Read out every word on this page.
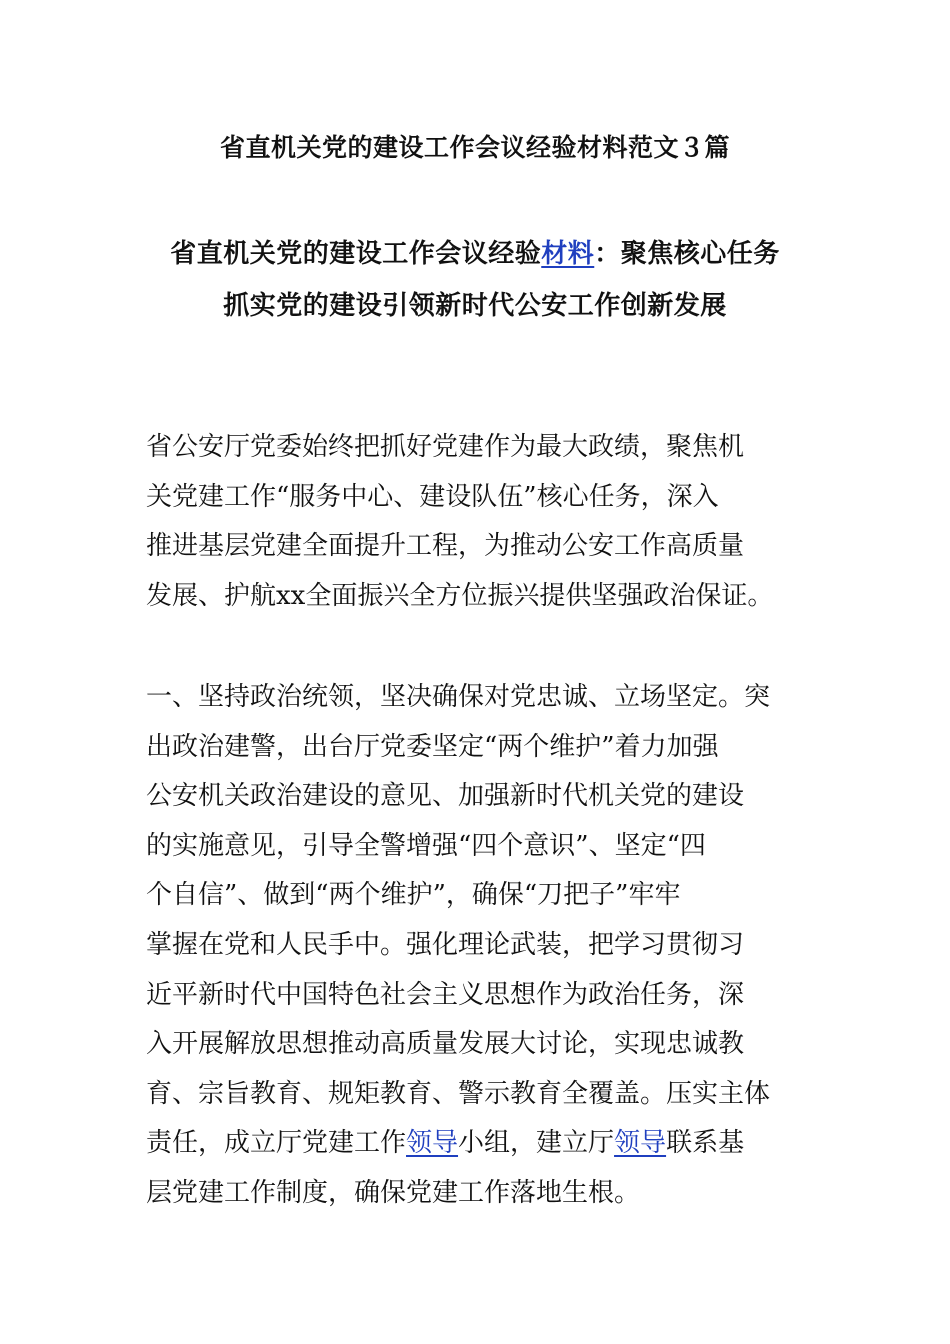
省直机关党的建设工作会议经验材料范文３篇
省直机关党的建设工作会议经验材料：聚焦核心任务
抓实党的建设引领新时代公安工作创新发展

省公安厅党委始终把抓好党建作为最大政绩，聚焦机
关党建工作“服务中心、建设队伍”核心任务，深入
推进基层党建全面提升工程，为推动公安工作高质量
发展、护航xx全面振兴全方位振兴提供坚强政治保证。

一、坚持政治统领，坚决确保对党忠诚、立场坚定。突
出政治建警，出台厅党委坚定“两个维护”着力加强
公安机关政治建设的意见、加强新时代机关党的建设
的实施意见，引导全警增强“四个意识”、坚定“四
个自信”、做到“两个维护”，确保“刀把子”牢牢
掌握在党和人民手中。强化理论武装，把学习贯彻习
近平新时代中国特色社会主义思想作为政治任务，深
入开展解放思想推动高质量发展大讨论，实现忠诚教
育、宗旨教育、规矩教育、警示教育全覆盖。压实主体
责任，成立厅党建工作领导小组，建立厅领导联系基
层党建工作制度，确保党建工作落地生根。
